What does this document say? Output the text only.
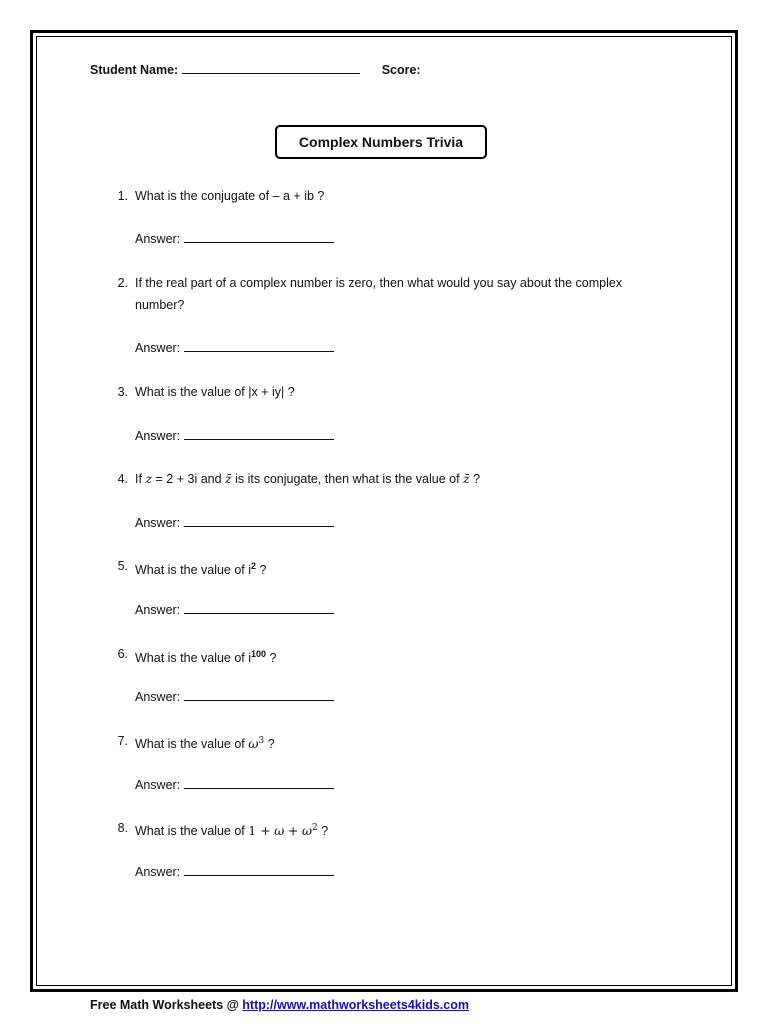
Student Name:	Score:
Complex Numbers Trivia
1. What is the conjugate of – a + ib ?
Answer:
2. If the real part of a complex number is zero, then what would you say about the complex number?
Answer:
3. What is the value of |x + iy| ?
Answer:
4. If z = 2 + 3i and z̄ is its conjugate, then what is the value of z̄ ?
Answer:
5. What is the value of $i^2$ ?
Answer:
6. What is the value of $i^{100}$ ?
Answer:
7. What is the value of $\omega^3$ ?
Answer:
8. What is the value of $1 + \omega + \omega^2$ ?
Answer:
Free Math Worksheets @ http://www.mathworksheets4kids.com
